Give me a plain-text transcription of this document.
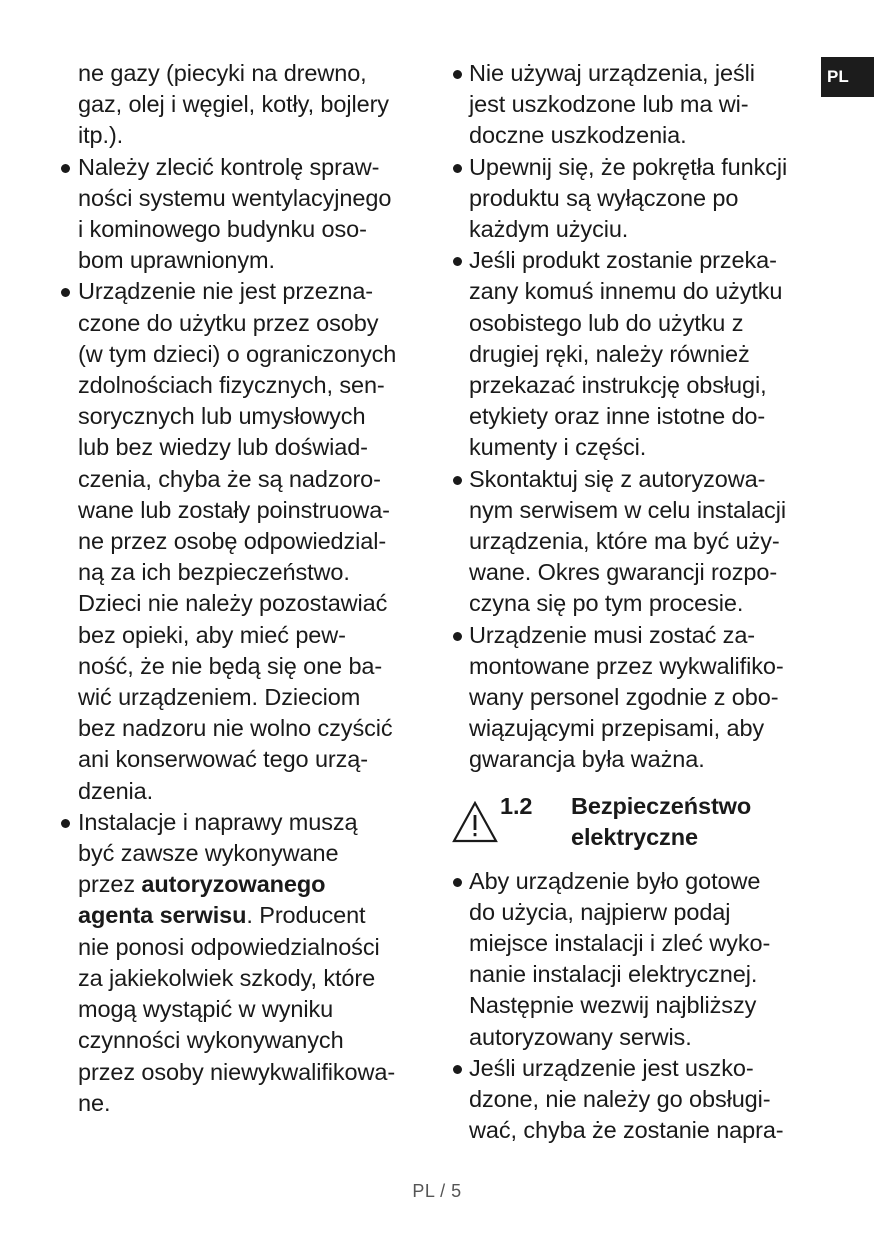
PL
ne gazy (piecyki na drewno,
gaz, olej i węgiel, kotły, bojlery
itp.).
Należy zlecić kontrolę spraw-
ności systemu wentylacyjnego
i kominowego budynku oso-
bom uprawnionym.
Urządzenie nie jest przezna-
czone do użytku przez osoby
(w tym dzieci) o ograniczonych
zdolnościach fizycznych, sen-
sorycznych lub umysłowych
lub bez wiedzy lub doświad-
czenia, chyba że są nadzoro-
wane lub zostały poinstruowa-
ne przez osobę odpowiedzial-
ną za ich bezpieczeństwo.
Dzieci nie należy pozostawiać
bez opieki, aby mieć pew-
ność, że nie będą się one ba-
wić urządzeniem. Dzieciom
bez nadzoru nie wolno czyścić
ani konserwować tego urzą-
dzenia.
Instalacje i naprawy muszą
być zawsze wykonywane
przez autoryzowanego
agenta serwisu. Producent
nie ponosi odpowiedzialności
za jakiekolwiek szkody, które
mogą wystąpić w wyniku
czynności wykonywanych
przez osoby niewykwalifikowa-
ne.
Nie używaj urządzenia, jeśli
jest uszkodzone lub ma wi-
doczne uszkodzenia.
Upewnij się, że pokrętła funkcji
produktu są wyłączone po
każdym użyciu.
Jeśli produkt zostanie przeka-
zany komuś innemu do użytku
osobistego lub do użytku z
drugiej ręki, należy również
przekazać instrukcję obsługi,
etykiety oraz inne istotne do-
kumenty i części.
Skontaktuj się z autoryzowa-
nym serwisem w celu instalacji
urządzenia, które ma być uży-
wane. Okres gwarancji rozpo-
czyna się po tym procesie.
Urządzenie musi zostać za-
montowane przez wykwalifiko-
wany personel zgodnie z obo-
wiązującymi przepisami, aby
gwarancja była ważna.
1.2 Bezpieczeństwo
elektryczne
Aby urządzenie było gotowe
do użycia, najpierw podaj
miejsce instalacji i zleć wyko-
nanie instalacji elektrycznej.
Następnie wezwij najbliższy
autoryzowany serwis.
Jeśli urządzenie jest uszko-
dzone, nie należy go obsługi-
wać, chyba że zostanie napra-
PL / 5
